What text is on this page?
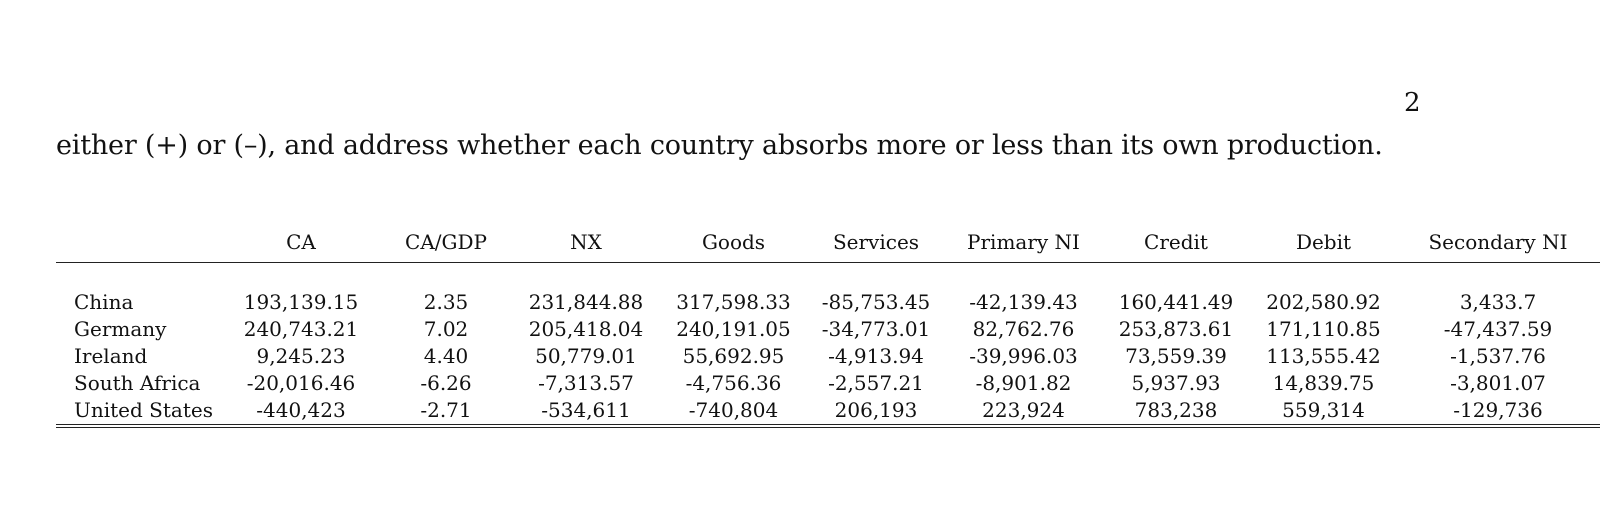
2
either (+) or (–), and address whether each country absorbs more or less than its own production.
	CA	CA/GDP	NX	Goods	Services	Primary NI	Credit	Debit	Secondary NI

China	193,139.15	2.35	231,844.88	317,598.33	-85,753.45	-42,139.43	160,441.49	202,580.92	3,433.7
Germany	240,743.21	7.02	205,418.04	240,191.05	-34,773.01	82,762.76	253,873.61	171,110.85	-47,437.59
Ireland	9,245.23	4.40	50,779.01	55,692.95	-4,913.94	-39,996.03	73,559.39	113,555.42	-1,537.76
South Africa	-20,016.46	-6.26	-7,313.57	-4,756.36	-2,557.21	-8,901.82	5,937.93	14,839.75	-3,801.07
United States	-440,423	-2.71	-534,611	-740,804	206,193	223,924	783,238	559,314	-129,736
